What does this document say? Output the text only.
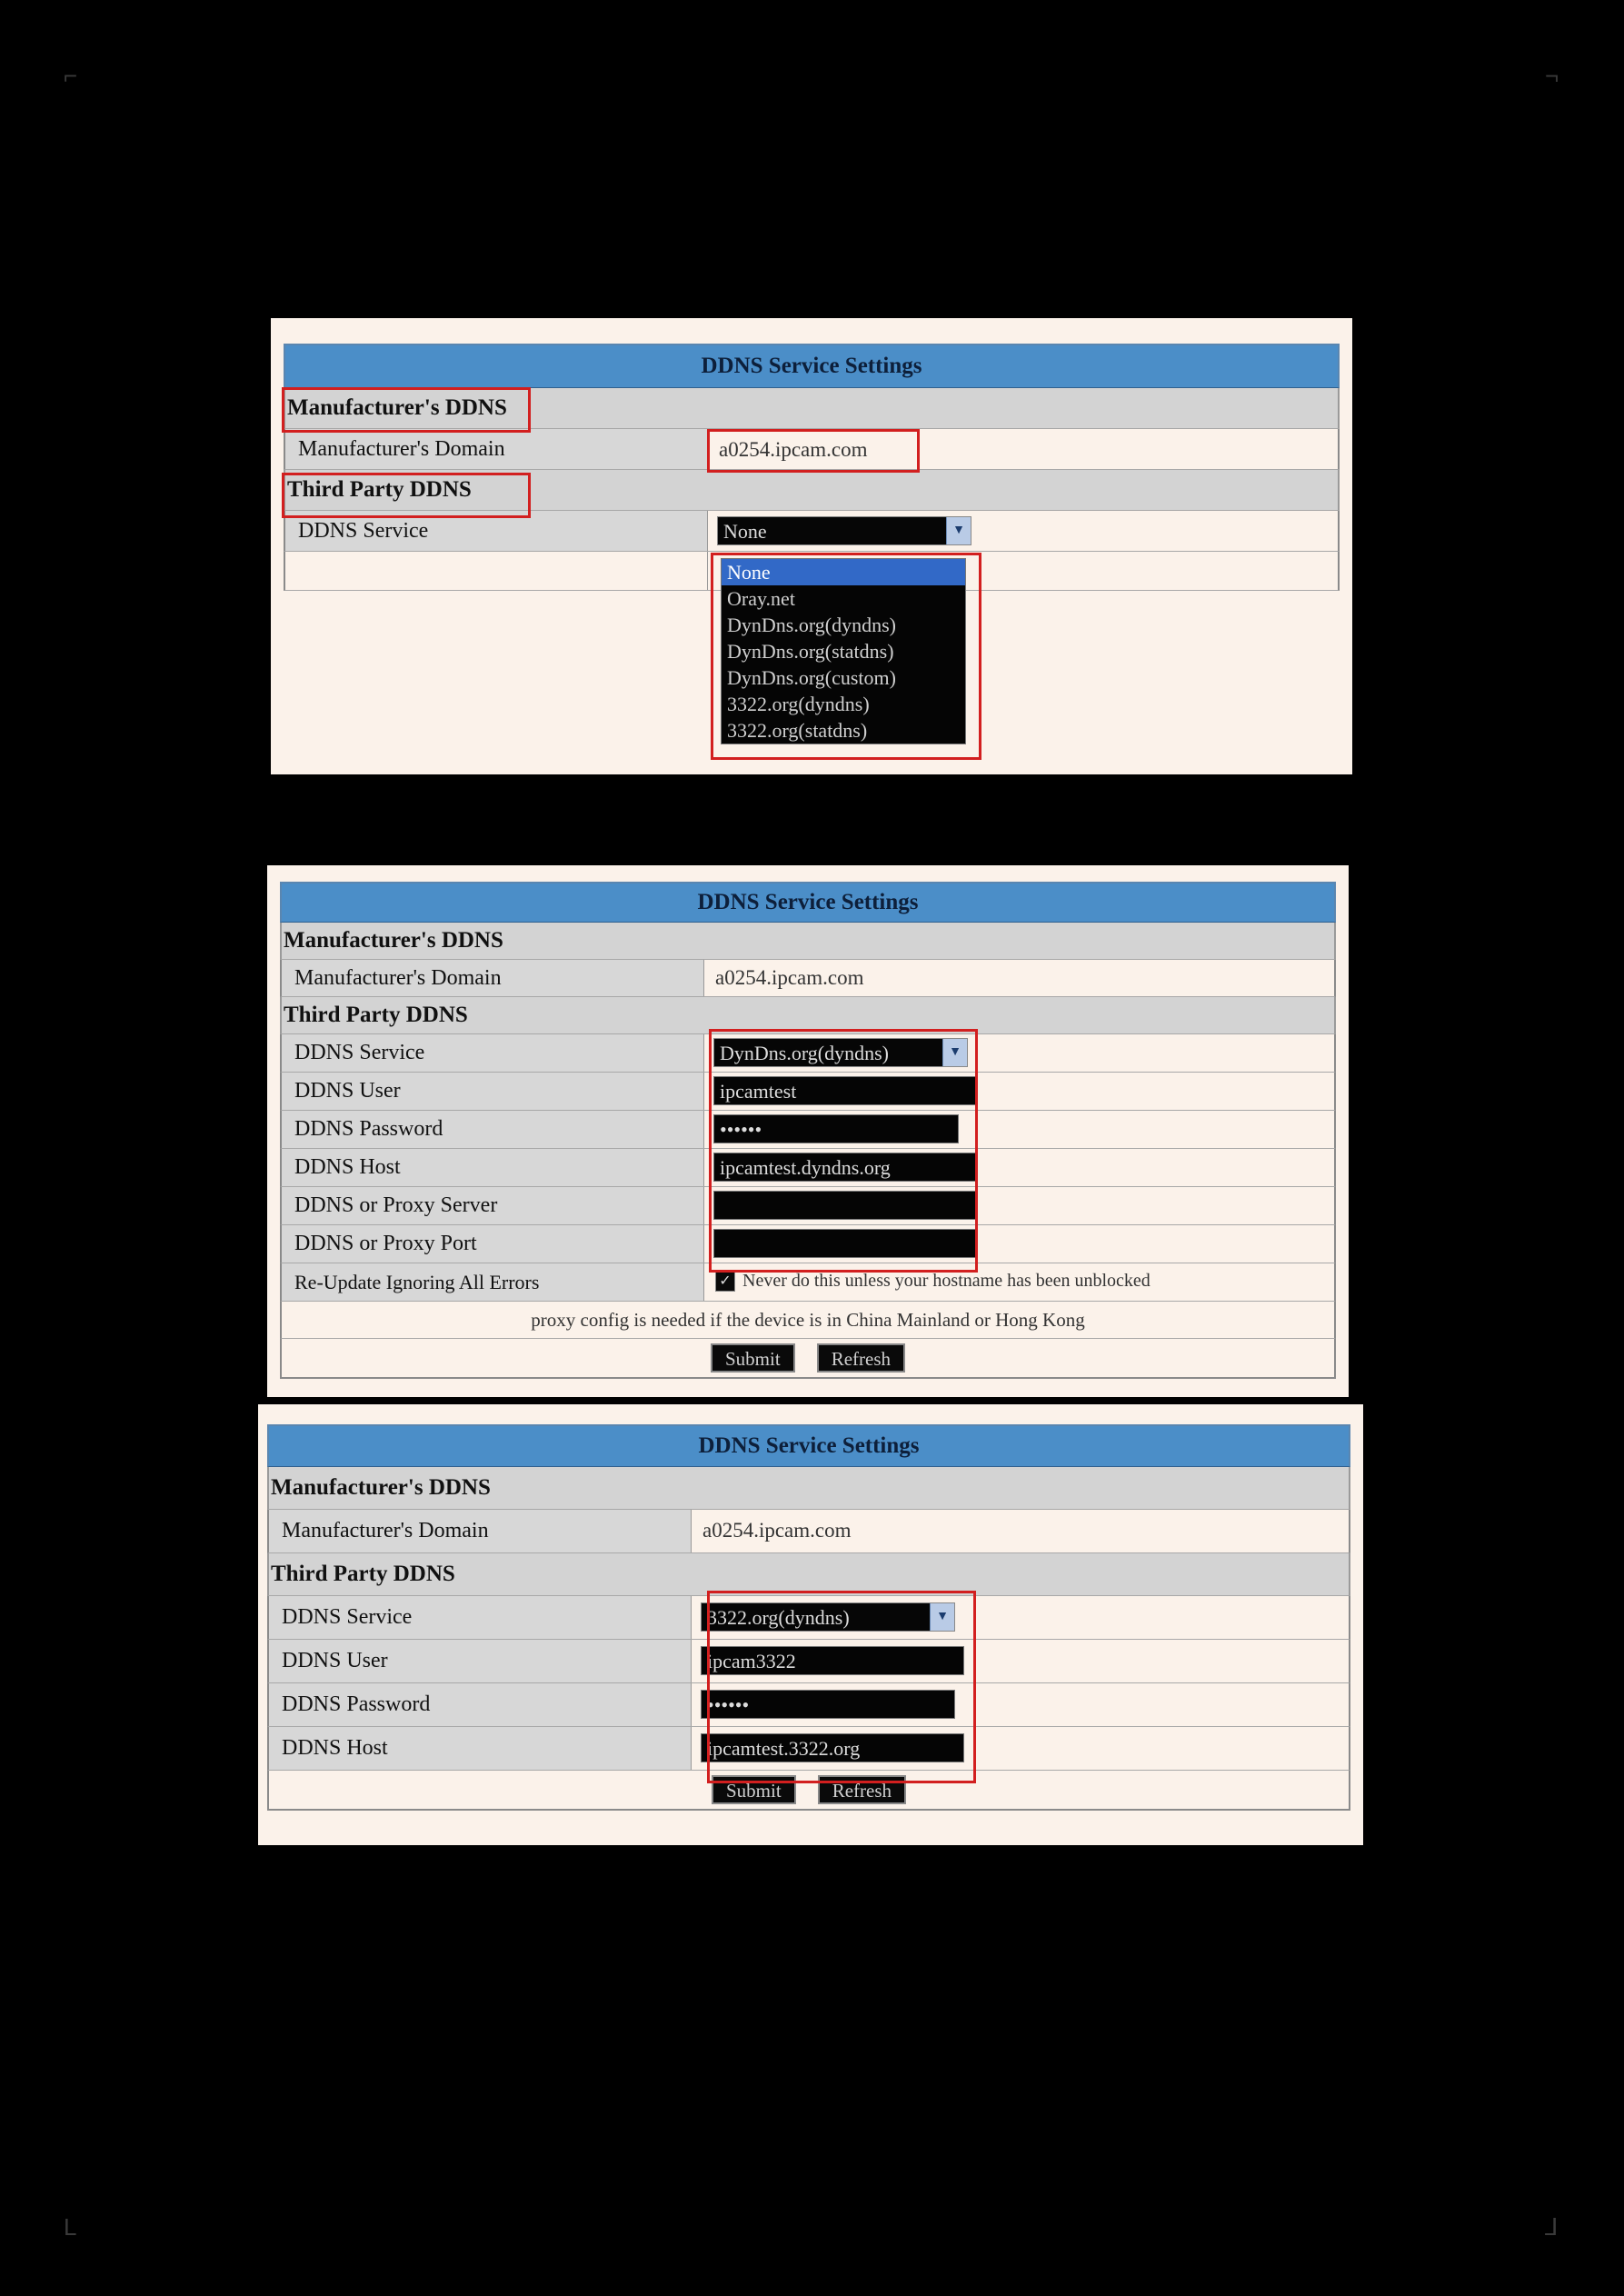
⌐	¬
L	⅃
DDNS Service Settings
Manufacturer's DDNS
Manufacturer's Domain	a0254.ipcam.com
Third Party DDNS
DDNS Service	None	▼
None
Oray.net
DynDns.org(dyndns)
DynDns.org(statdns)
DynDns.org(custom)
3322.org(dyndns)
3322.org(statdns)
DDNS Service Settings
Manufacturer's DDNS
Manufacturer's Domain	a0254.ipcam.com
Third Party DDNS
DDNS Service	DynDns.org(dyndns)	▼
DDNS User	ipcamtest
DDNS Password	••••••
DDNS Host	ipcamtest.dyndns.org
DDNS or Proxy Server
DDNS or Proxy Port
Re-Update Ignoring All Errors	✓ Never do this unless your hostname has been unblocked
proxy config is needed if the device is in China Mainland or Hong Kong
Submit	Refresh
DDNS Service Settings
Manufacturer's DDNS
Manufacturer's Domain	a0254.ipcam.com
Third Party DDNS
DDNS Service	3322.org(dyndns)	▼
DDNS User	ipcam3322
DDNS Password	••••••
DDNS Host	ipcamtest.3322.org
Submit	Refresh
